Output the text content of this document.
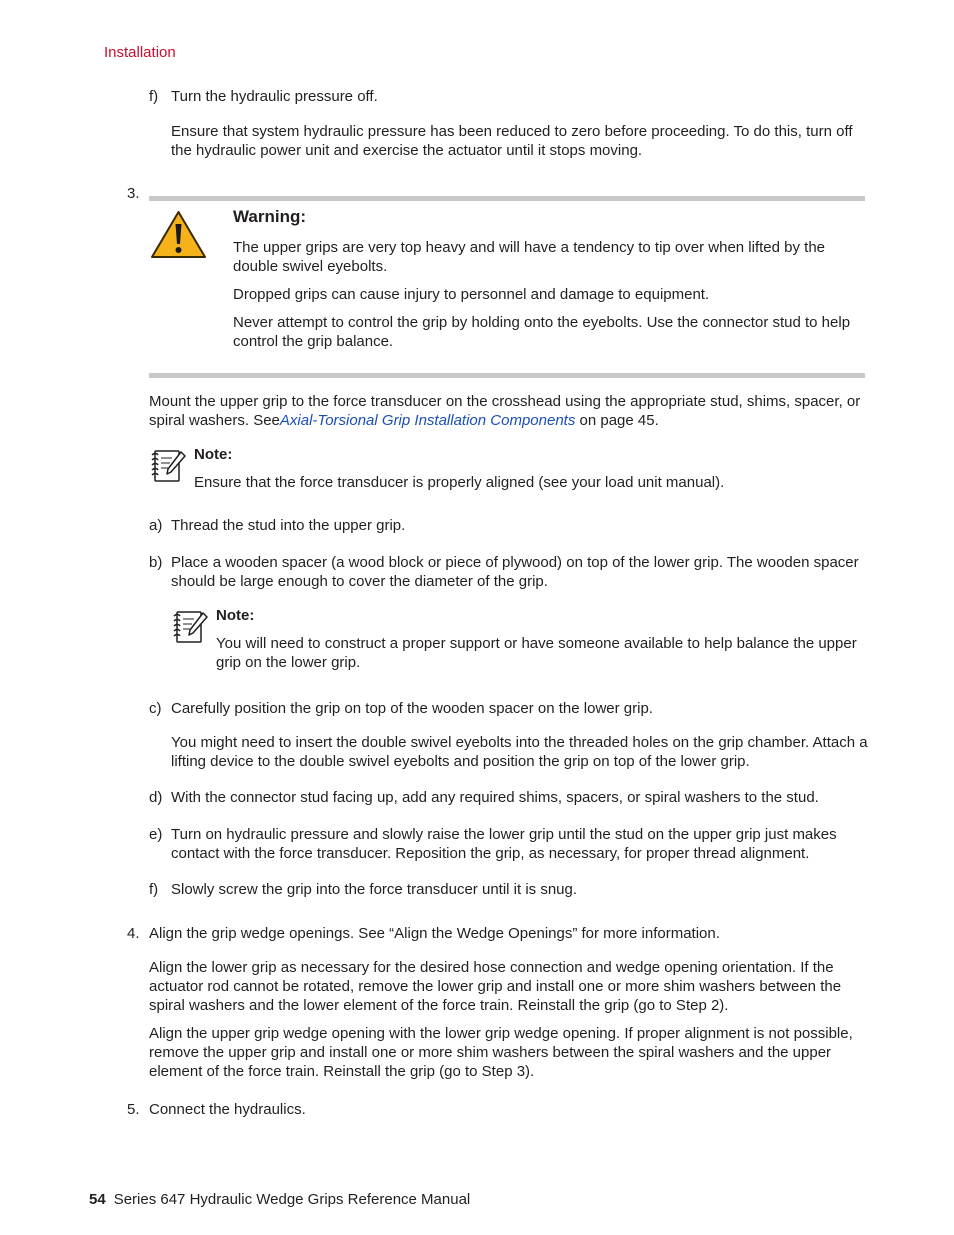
Installation
f) Turn the hydraulic pressure off.
Ensure that system hydraulic pressure has been reduced to zero before proceeding. To do this, turn off the hydraulic power unit and exercise the actuator until it stops moving.
3.
Warning:
The upper grips are very top heavy and will have a tendency to tip over when lifted by the double swivel eyebolts.
Dropped grips can cause injury to personnel and damage to equipment.
Never attempt to control the grip by holding onto the eyebolts. Use the connector stud to help control the grip balance.
Mount the upper grip to the force transducer on the crosshead using the appropriate stud, shims, spacer, or spiral washers. SeeAxial-Torsional Grip Installation Components on page 45.
Note:
Ensure that the force transducer is properly aligned (see your load unit manual).
a) Thread the stud into the upper grip.
b) Place a wooden spacer (a wood block or piece of plywood) on top of the lower grip. The wooden spacer should be large enough to cover the diameter of the grip.
Note:
You will need to construct a proper support or have someone available to help balance the upper grip on the lower grip.
c) Carefully position the grip on top of the wooden spacer on the lower grip.
You might need to insert the double swivel eyebolts into the threaded holes on the grip chamber. Attach a lifting device to the double swivel eyebolts and position the grip on top of the lower grip.
d) With the connector stud facing up, add any required shims, spacers, or spiral washers to the stud.
e) Turn on hydraulic pressure and slowly raise the lower grip until the stud on the upper grip just makes contact with the force transducer. Reposition the grip, as necessary, for proper thread alignment.
f) Slowly screw the grip into the force transducer until it is snug.
4. Align the grip wedge openings. See “Align the Wedge Openings” for more information.
Align the lower grip as necessary for the desired hose connection and wedge opening orientation. If the actuator rod cannot be rotated, remove the lower grip and install one or more shim washers between the spiral washers and the lower element of the force train. Reinstall the grip (go to Step 2).
Align the upper grip wedge opening with the lower grip wedge opening. If proper alignment is not possible, remove the upper grip and install one or more shim washers between the spiral washers and the upper element of the force train. Reinstall the grip (go to Step 3).
5. Connect the hydraulics.
54 Series 647 Hydraulic Wedge Grips Reference Manual
